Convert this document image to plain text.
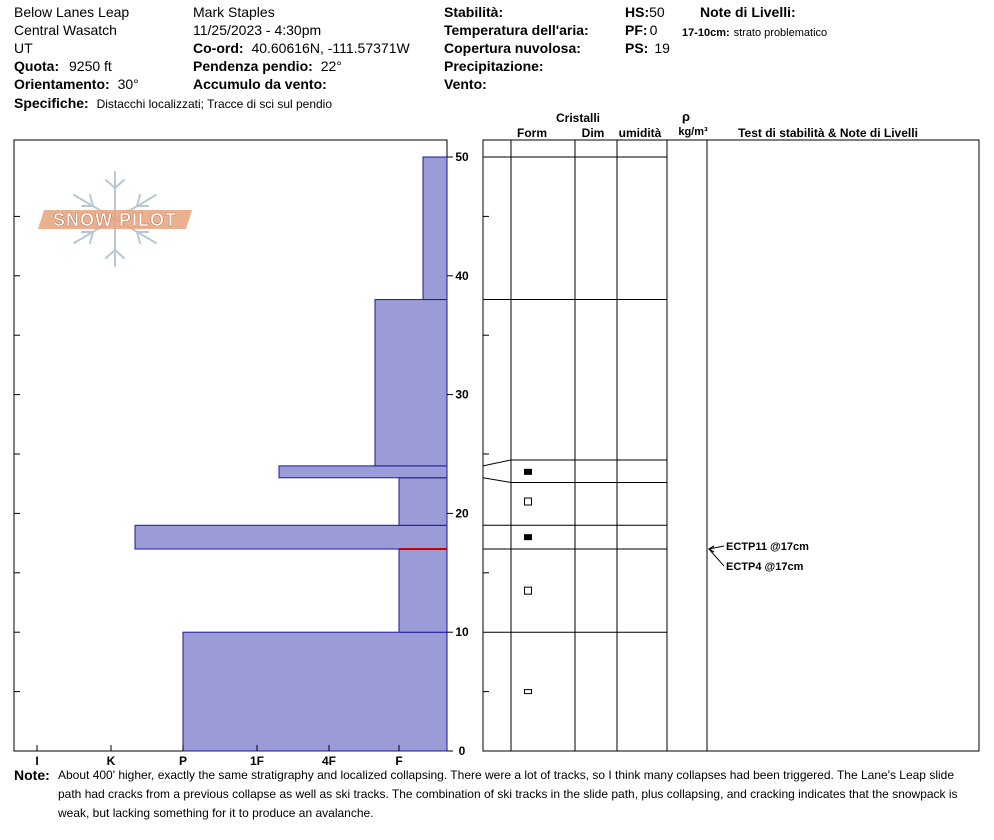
Below Lanes Leap
Central Wasatch
UT
Quota: 9250 ft
Orientamento: 30°
Specifiche: Distacchi localizzati; Tracce di sci sul pendio
Mark Staples
11/25/2023 - 4:30pm
Co-ord: 40.60616N, -111.57371W
Pendenza pendio: 22°
Accumulo da vento:
Stabilità:
Temperatura dell'aria:
Copertura nuvolosa:
Precipitazione:
Vento:
HS:50
PF: 0
PS: 19
Note di Livelli:
17-10cm: strato problematico
SNOW PILOT
I	K	P	1F	4F	F
0
10
20
30
40
50
Cristalli
Form	Dim umidità
ρ
kg/m³	Test di stabilità & Note di Livelli
ECTP11 @17cm
ECTP4 @17cm
Note: About 400' higher, exactly the same stratigraphy and localized collapsing. There were a lot of tracks, so I think many collapses had been triggered. The Lane's Leap slide path had cracks from a previous collapse as well as ski tracks. The combination of ski tracks in the slide path, plus collapsing, and cracking indicates that the snowpack is weak, but lacking something for it to produce an avalanche.
